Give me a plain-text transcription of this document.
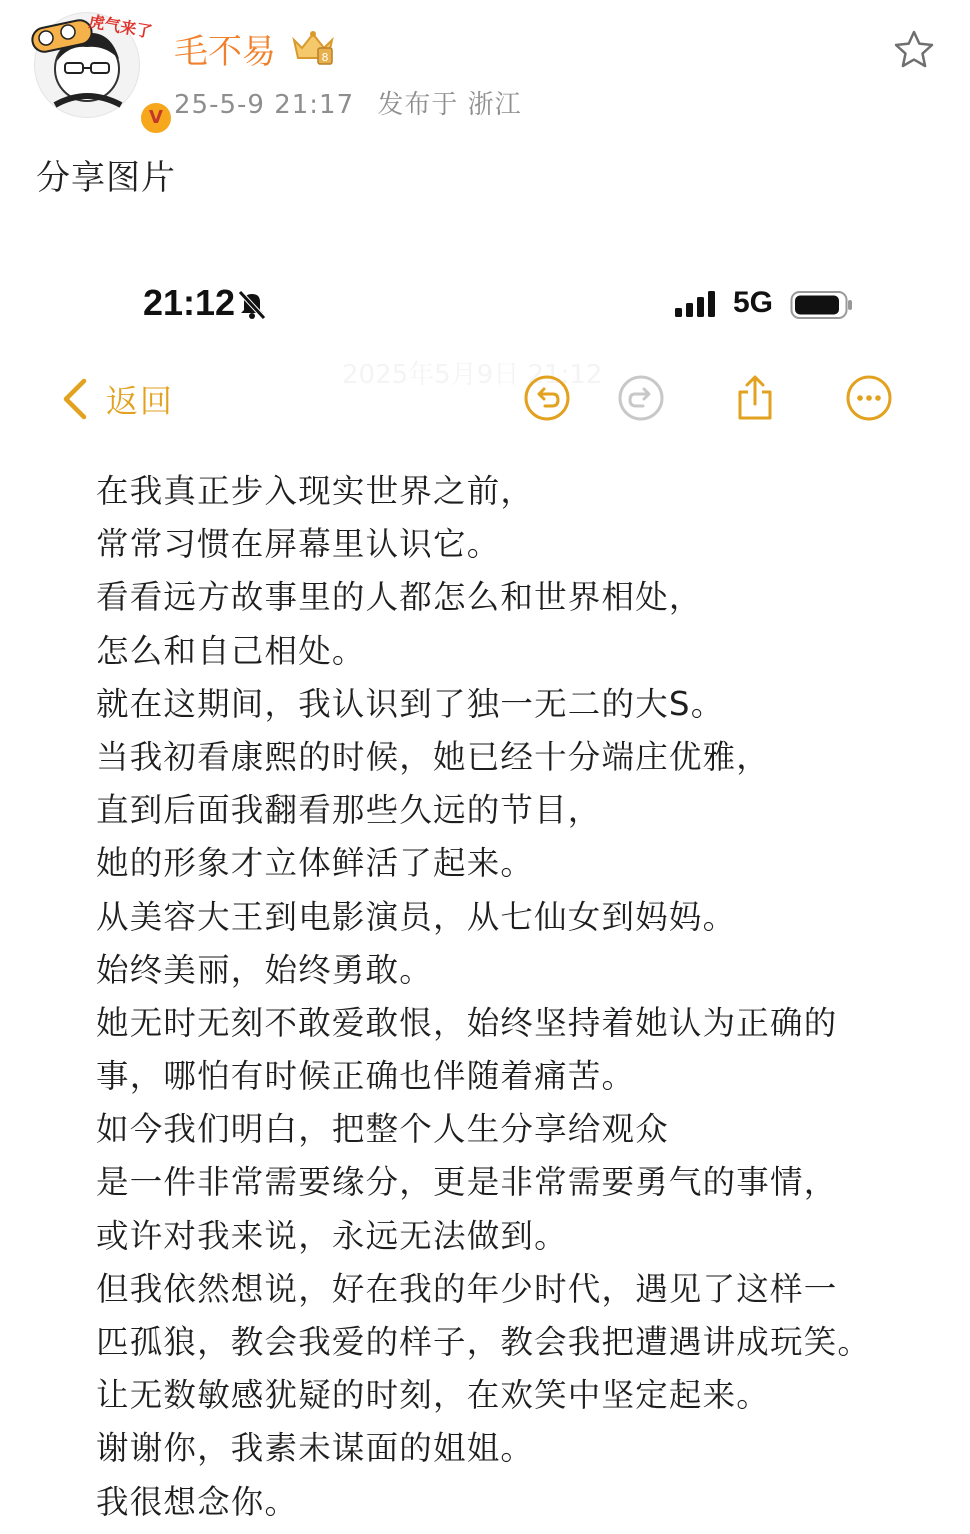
虎气来了
V
毛不易	8
25-5-9 21:17 发布于 浙江
分享图片
21:12	5G
2025年5月9日 21:12
返回
在我真正步入现实世界之前，
常常习惯在屏幕里认识它。
看看远方故事里的人都怎么和世界相处，
怎么和自己相处。
就在这期间，我认识到了独一无二的大S。
当我初看康熙的时候，她已经十分端庄优雅，
直到后面我翻看那些久远的节目，
她的形象才立体鲜活了起来。
从美容大王到电影演员，从七仙女到妈妈。
始终美丽，始终勇敢。
她无时无刻不敢爱敢恨，始终坚持着她认为正确的
事，哪怕有时候正确也伴随着痛苦。
如今我们明白，把整个人生分享给观众
是一件非常需要缘分，更是非常需要勇气的事情，
或许对我来说，永远无法做到。
但我依然想说，好在我的年少时代，遇见了这样一
匹孤狼，教会我爱的样子，教会我把遭遇讲成玩笑。
让无数敏感犹疑的时刻，在欢笑中坚定起来。
谢谢你，我素未谋面的姐姐。
我很想念你。
